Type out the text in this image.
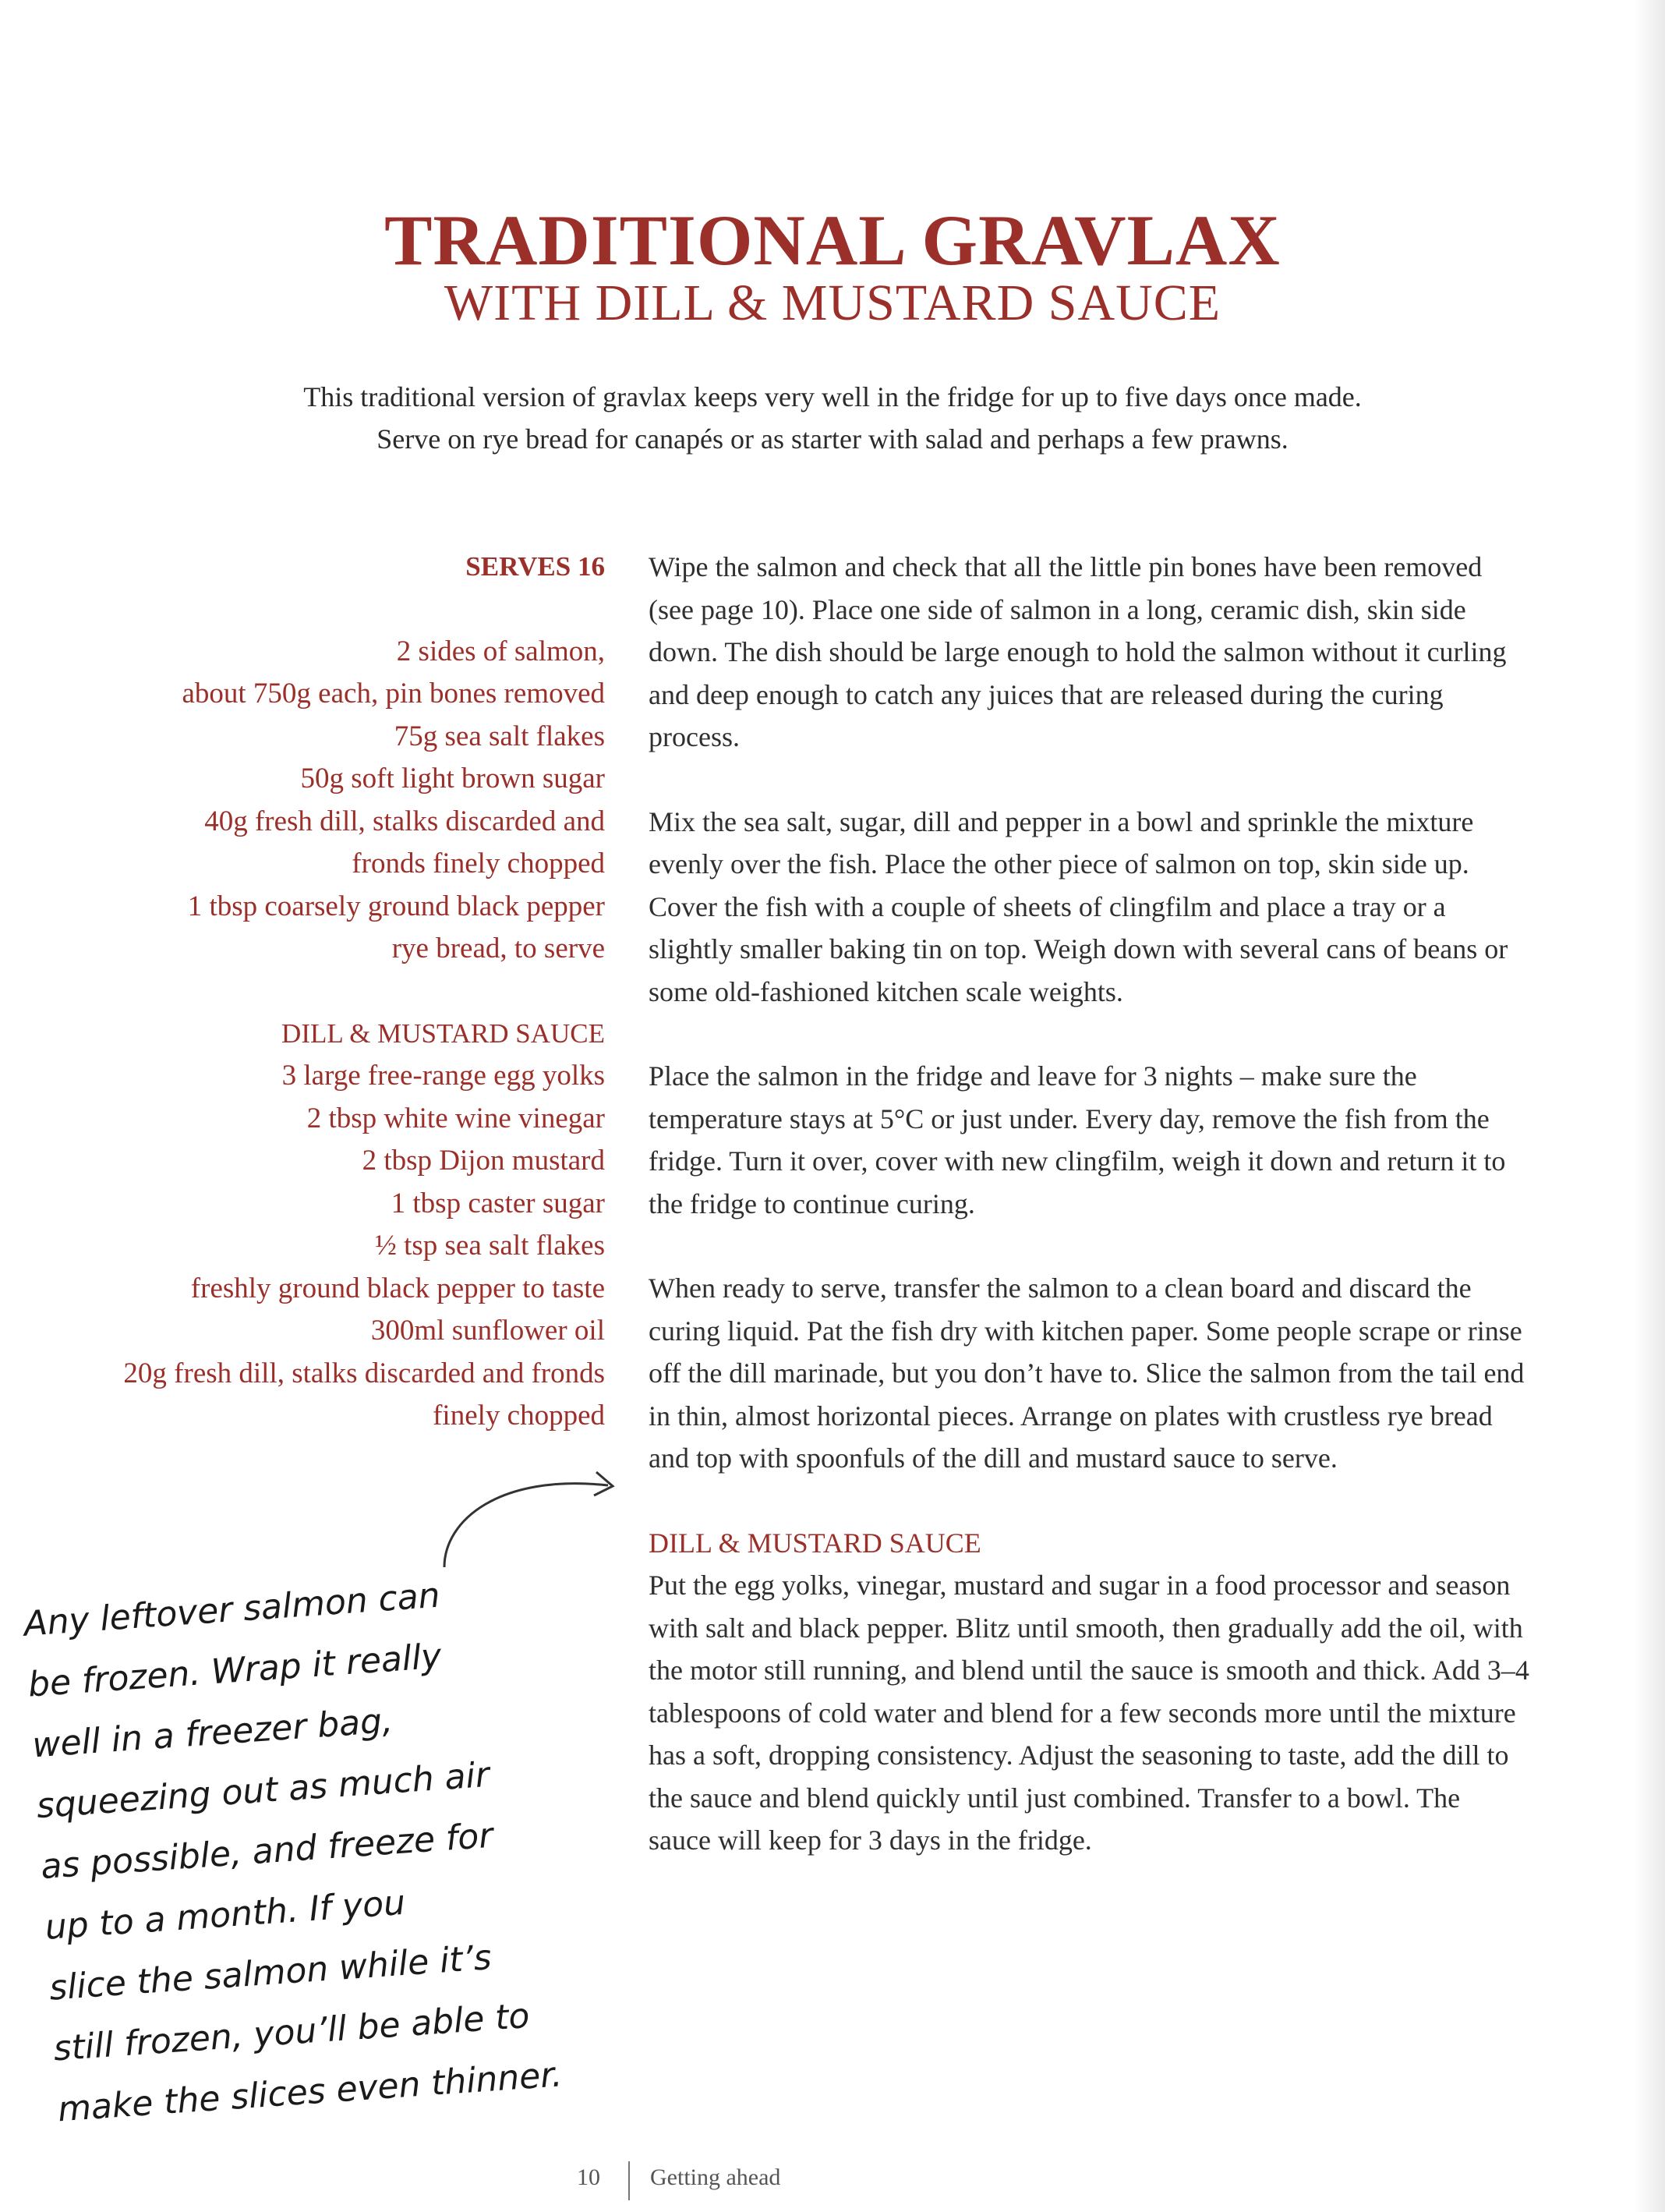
TRADITIONAL GRAVLAX
WITH DILL & MUSTARD SAUCE
This traditional version of gravlax keeps very well in the fridge for up to five days once made.
Serve on rye bread for canapés or as starter with salad and perhaps a few prawns.
SERVES 16
2 sides of salmon,
about 750g each, pin bones removed
75g sea salt flakes
50g soft light brown sugar
40g fresh dill, stalks discarded and
fronds finely chopped
1 tbsp coarsely ground black pepper
rye bread, to serve
DILL & MUSTARD SAUCE
3 large free-range egg yolks
2 tbsp white wine vinegar
2 tbsp Dijon mustard
1 tbsp caster sugar
½ tsp sea salt flakes
freshly ground black pepper to taste
300ml sunflower oil
20g fresh dill, stalks discarded and fronds
finely chopped

Wipe the salmon and check that all the little pin bones have been removed (see page 10). Place one side of salmon in a long, ceramic dish, skin side down. The dish should be large enough to hold the salmon without it curling and deep enough to catch any juices that are released during the curing process.

Mix the sea salt, sugar, dill and pepper in a bowl and sprinkle the mixture evenly over the fish. Place the other piece of salmon on top, skin side up. Cover the fish with a couple of sheets of clingfilm and place a tray or a slightly smaller baking tin on top. Weigh down with several cans of beans or some old-fashioned kitchen scale weights.

Place the salmon in the fridge and leave for 3 nights – make sure the temperature stays at 5°C or just under. Every day, remove the fish from the fridge. Turn it over, cover with new clingfilm, weigh it down and return it to the fridge to continue curing.

When ready to serve, transfer the salmon to a clean board and discard the curing liquid. Pat the fish dry with kitchen paper. Some people scrape or rinse off the dill marinade, but you don’t have to. Slice the salmon from the tail end in thin, almost horizontal pieces. Arrange on plates with crustless rye bread and top with spoonfuls of the dill and mustard sauce to serve.

DILL & MUSTARD SAUCE

Put the egg yolks, vinegar, mustard and sugar in a food processor and season with salt and black pepper. Blitz until smooth, then gradually add the oil, with the motor still running, and blend until the sauce is smooth and thick. Add 3–4 tablespoons of cold water and blend for a few seconds more until the mixture has a soft, dropping consistency. Adjust the seasoning to taste, add the dill to the sauce and blend quickly until just combined. Transfer to a bowl. The sauce will keep for 3 days in the fridge.

Any leftover salmon can
be frozen. Wrap it really
well in a freezer bag,
squeezing out as much air
as possible, and freeze for
up to a month. If you
slice the salmon while it’s
still frozen, you’ll be able to
make the slices even thinner.
10 Getting ahead
